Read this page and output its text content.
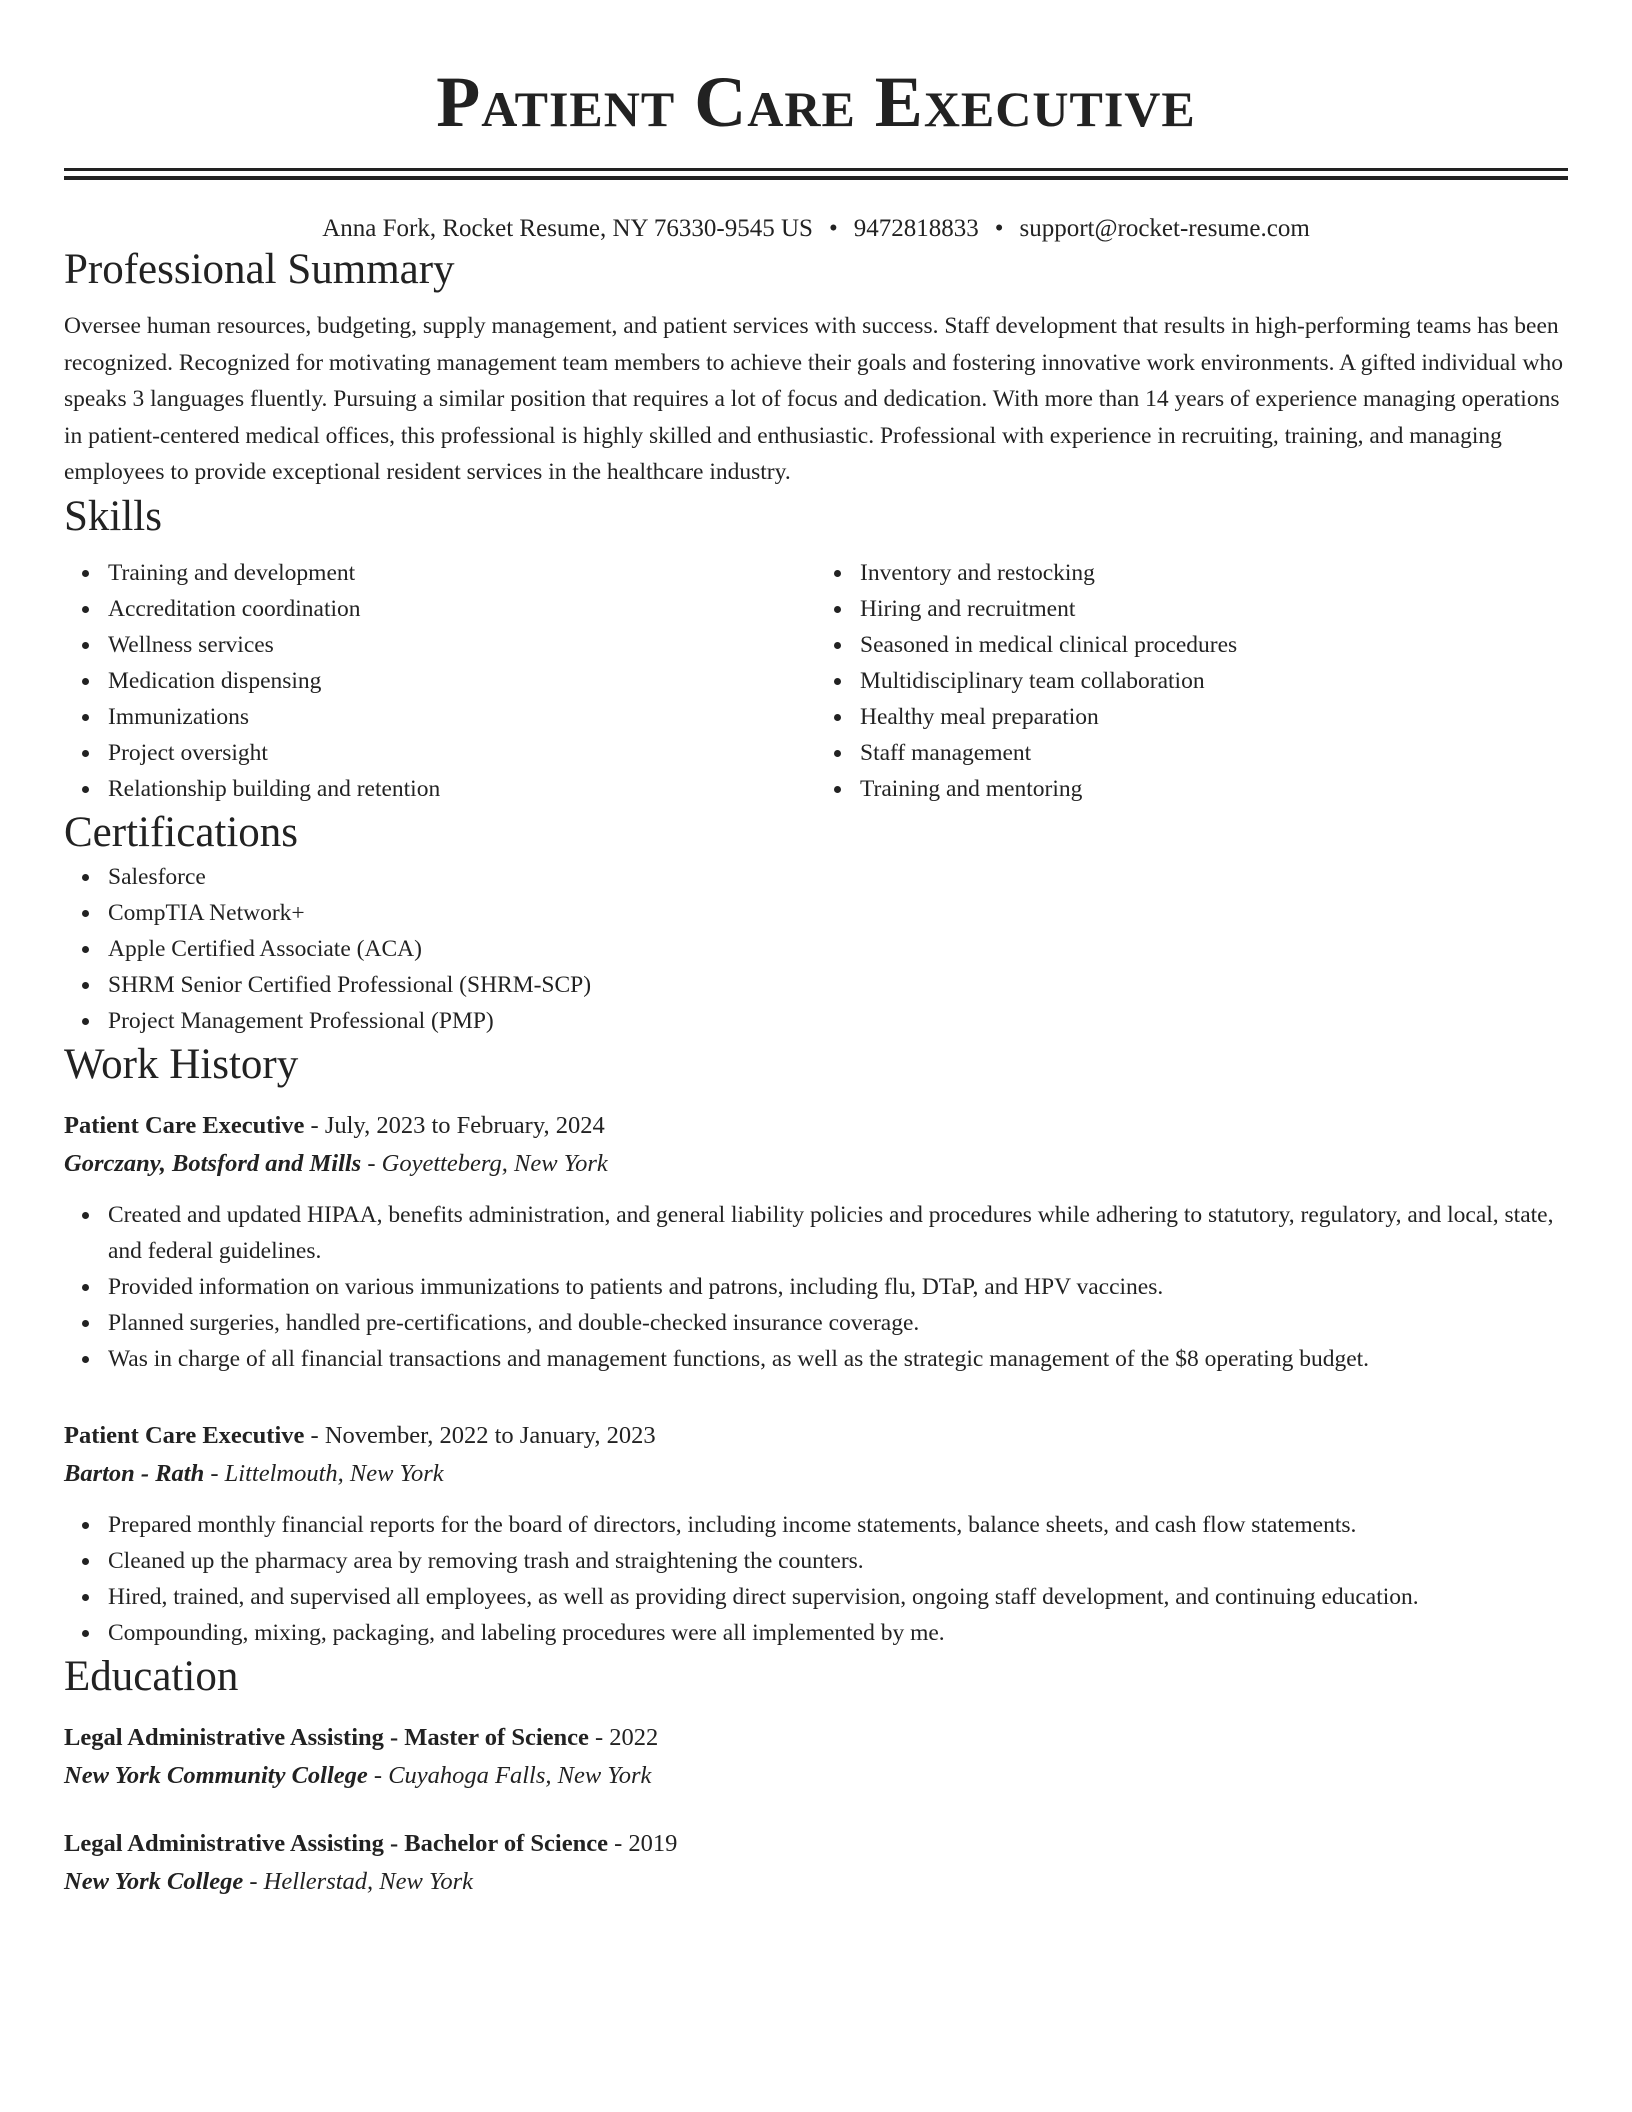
Patient Care Executive
Anna Fork, Rocket Resume, NY 76330-9545 US • 9472818833 • support@rocket-resume.com
Professional Summary

Oversee human resources, budgeting, supply management, and patient services with success. Staff development that results in high-performing teams has been recognized. Recognized for motivating management team members to achieve their goals and fostering innovative work environments. A gifted individual who speaks 3 languages fluently. Pursuing a similar position that requires a lot of focus and dedication. With more than 14 years of experience managing operations in patient-centered medical offices, this professional is highly skilled and enthusiastic. Professional with experience in recruiting, training, and managing employees to provide exceptional resident services in the healthcare industry.

Skills
Training and development
Accreditation coordination
Wellness services
Medication dispensing
Immunizations
Project oversight
Relationship building and retention
Inventory and restocking
Hiring and recruitment
Seasoned in medical clinical procedures
Multidisciplinary team collaboration
Healthy meal preparation
Staff management
Training and mentoring
Certifications
Salesforce
CompTIA Network+
Apple Certified Associate (ACA)
SHRM Senior Certified Professional (SHRM-SCP)
Project Management Professional (PMP)
Work History
Patient Care Executive - July, 2023 to February, 2024
Gorczany, Botsford and Mills - Goyetteberg, New York
Created and updated HIPAA, benefits administration, and general liability policies and procedures while adhering to statutory, regulatory, and local, state, and federal guidelines.
Provided information on various immunizations to patients and patrons, including flu, DTaP, and HPV vaccines.
Planned surgeries, handled pre-certifications, and double-checked insurance coverage.
Was in charge of all financial transactions and management functions, as well as the strategic management of the $8 operating budget.
Patient Care Executive - November, 2022 to January, 2023
Barton - Rath - Littelmouth, New York
Prepared monthly financial reports for the board of directors, including income statements, balance sheets, and cash flow statements.
Cleaned up the pharmacy area by removing trash and straightening the counters.
Hired, trained, and supervised all employees, as well as providing direct supervision, ongoing staff development, and continuing education.
Compounding, mixing, packaging, and labeling procedures were all implemented by me.
Education
Legal Administrative Assisting - Master of Science - 2022
New York Community College - Cuyahoga Falls, New York
Legal Administrative Assisting - Bachelor of Science - 2019
New York College - Hellerstad, New York
